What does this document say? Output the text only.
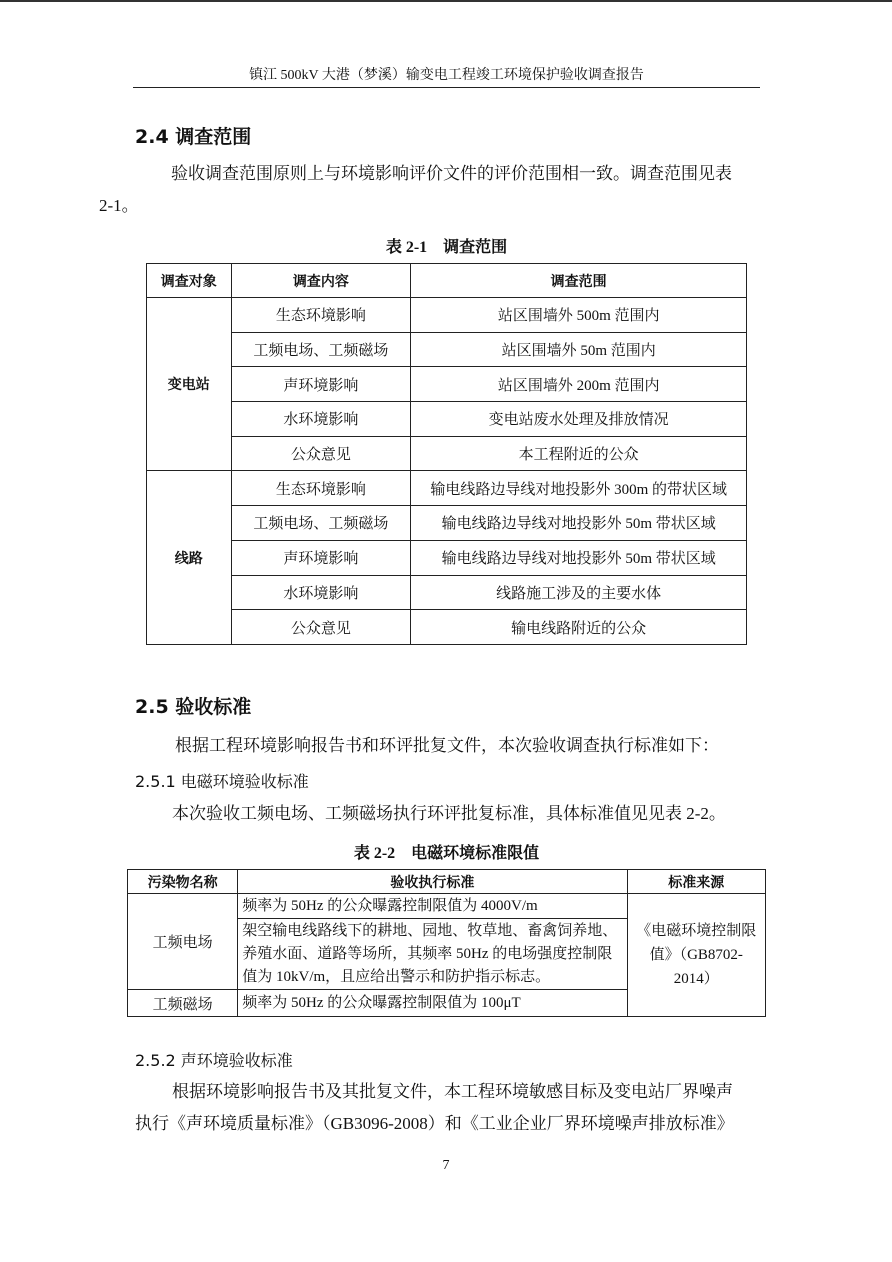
镇江 500kV 大港（梦溪）输变电工程竣工环境保护验收调查报告
2.4 调查范围
验收调查范围原则上与环境影响评价文件的评价范围相一致。调查范围见表
2-1。
表 2-1　调查范围
调查对象	调查内容	调查范围
变电站	生态环境影响	站区围墙外 500m 范围内
	工频电场、工频磁场	站区围墙外 50m 范围内
	声环境影响	站区围墙外 200m 范围内
	水环境影响	变电站废水处理及排放情况
	公众意见	本工程附近的公众
线路	生态环境影响	输电线路边导线对地投影外 300m 的带状区域
	工频电场、工频磁场	输电线路边导线对地投影外 50m 带状区域
	声环境影响	输电线路边导线对地投影外 50m 带状区域
	水环境影响	线路施工涉及的主要水体
	公众意见	输电线路附近的公众
2.5 验收标准
根据工程环境影响报告书和环评批复文件，本次验收调查执行标准如下：
2.5.1 电磁环境验收标准
本次验收工频电场、工频磁场执行环评批复标准，具体标准值见见表 2-2。
表 2-2　电磁环境标准限值
污染物名称	验收执行标准	标准来源
工频电场	频率为 50Hz 的公众曝露控制限值为 4000V/m	《电磁环境控制限值》（GB8702-2014）
	架空输电线路线下的耕地、园地、牧草地、畜禽饲养地、养殖水面、道路等场所，其频率 50Hz 的电场强度控制限值为 10kV/m，且应给出警示和防护指示标志。	
工频磁场	频率为 50Hz 的公众曝露控制限值为 100μT	
2.5.2 声环境验收标准
根据环境影响报告书及其批复文件，本工程环境敏感目标及变电站厂界噪声
执行《声环境质量标准》（GB3096-2008）和《工业企业厂界环境噪声排放标准》
7
